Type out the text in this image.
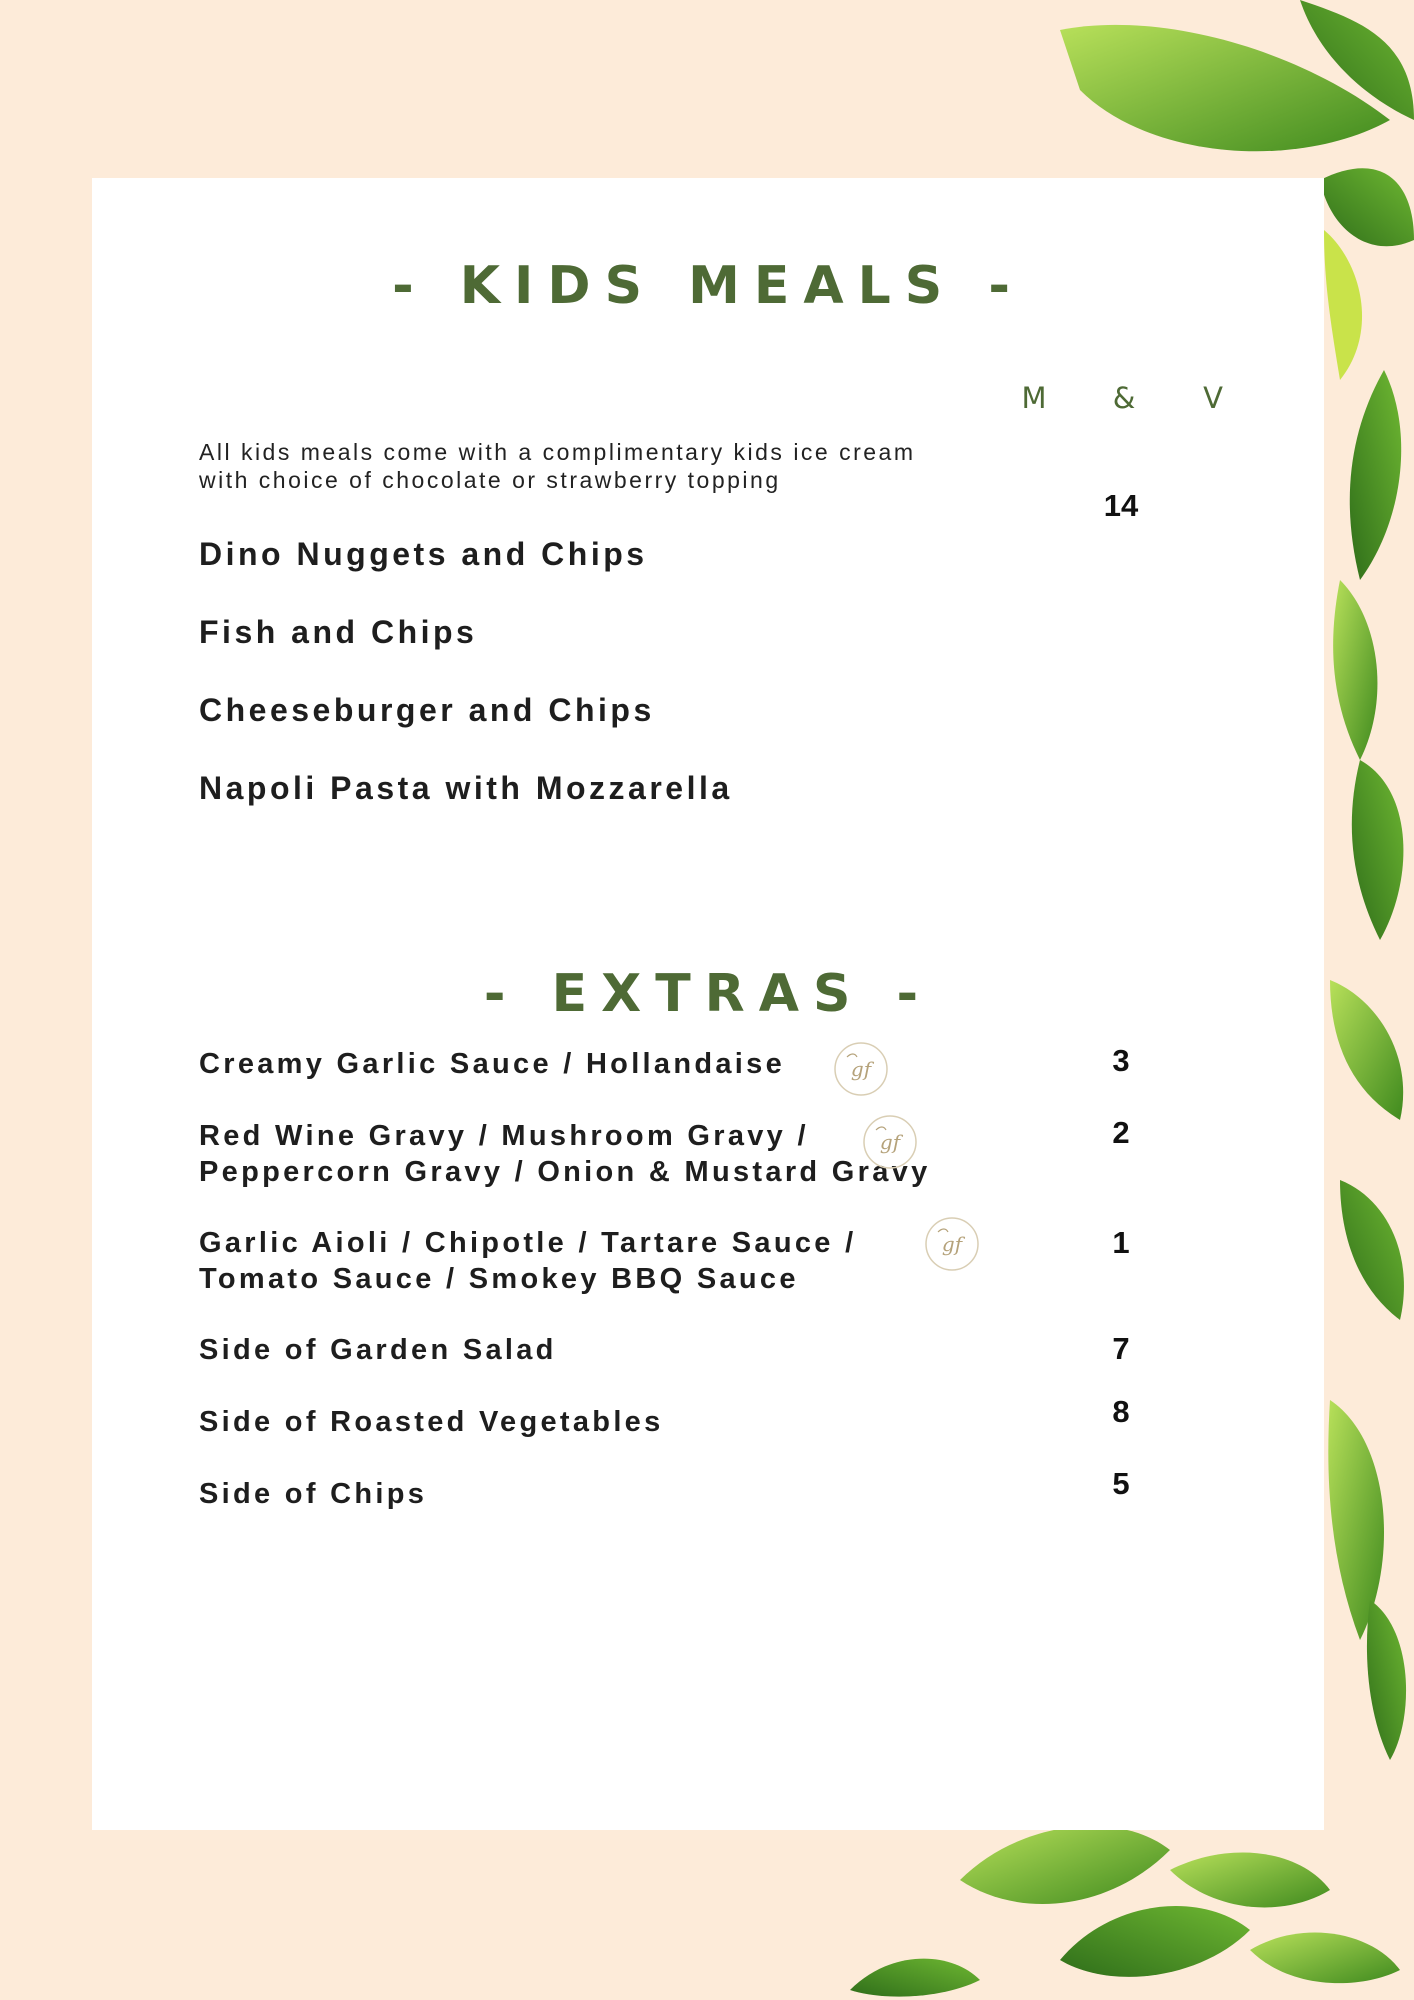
- KIDS MEALS -
M	&	V
All kids meals come with a complimentary kids ice cream with choice of chocolate or strawberry topping
14
Dino Nuggets and Chips
Fish and Chips
Cheeseburger and Chips
Napoli Pasta with Mozzarella
- EXTRAS -
Creamy Garlic Sauce / Hollandaise	gf	3
Red Wine Gravy / Mushroom Gravy /
Peppercorn Gravy / Onion & Mustard Gravy
gf	2
Garlic Aioli / Chipotle / Tartare Sauce /
Tomato Sauce / Smokey BBQ Sauce
gf	1
Side of Garden Salad	7
Side of Roasted Vegetables	8
Side of Chips	5
